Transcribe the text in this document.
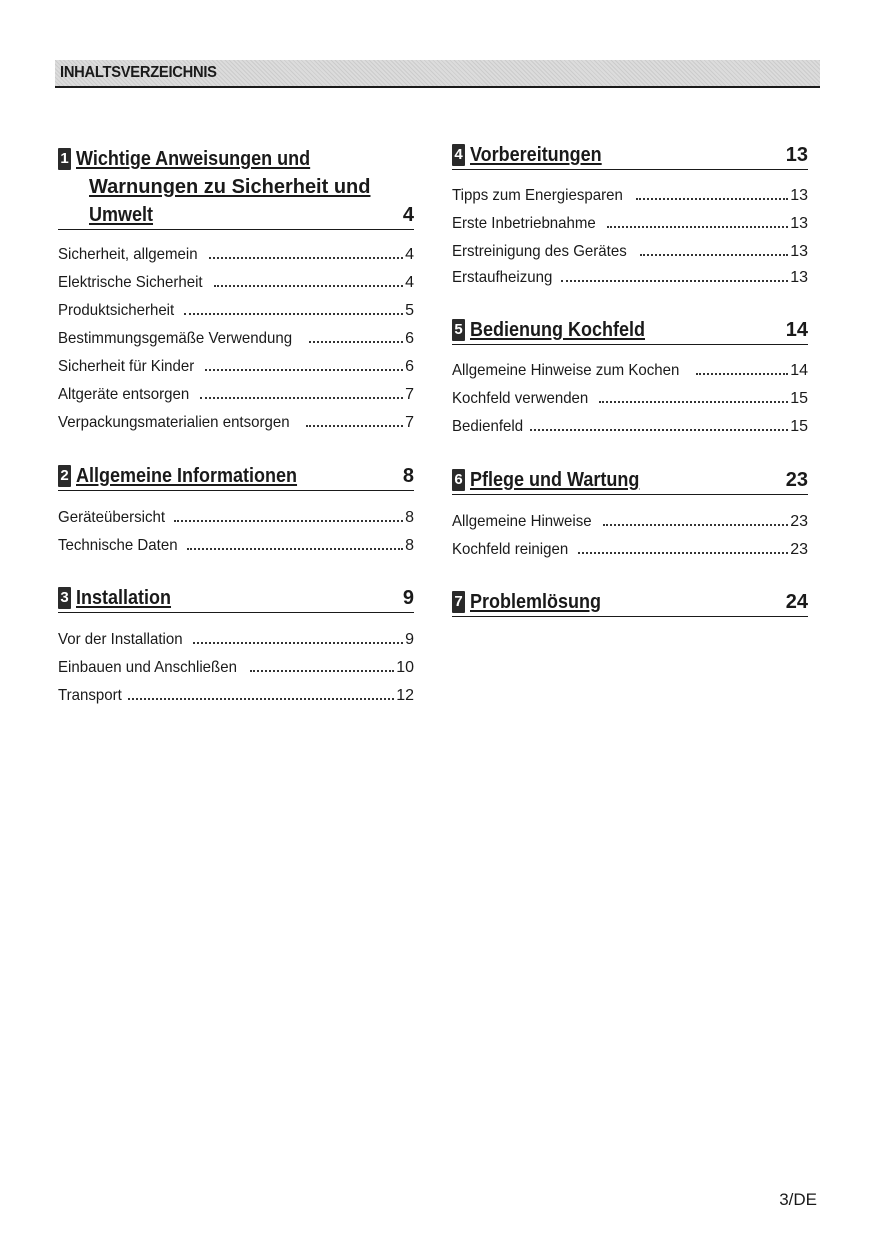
INHALTSVERZEICHNIS
1 Wichtige Anweisungen und
Warnungen zu Sicherheit und
Umwelt	4
Sicherheit, allgemein	4
Elektrische Sicherheit	4
Produktsicherheit	5
Bestimmungsgemäße Verwendung	6
Sicherheit für Kinder	6
Altgeräte entsorgen	7
Verpackungsmaterialien entsorgen	7
2 Allgemeine Informationen	8
Geräteübersicht	8
Technische Daten	8
3 Installation	9
Vor der Installation	9
Einbauen und Anschließen	10
Transport	12
4 Vorbereitungen	13
Tipps zum Energiesparen	13
Erste Inbetriebnahme	13
Erstreinigung des Gerätes	13
Erstaufheizung	13
5 Bedienung Kochfeld	14
Allgemeine Hinweise zum Kochen	14
Kochfeld verwenden	15
Bedienfeld	15
6 Pflege und Wartung	23
Allgemeine Hinweise	23
Kochfeld reinigen	23
7 Problemlösung	24
3/DE
